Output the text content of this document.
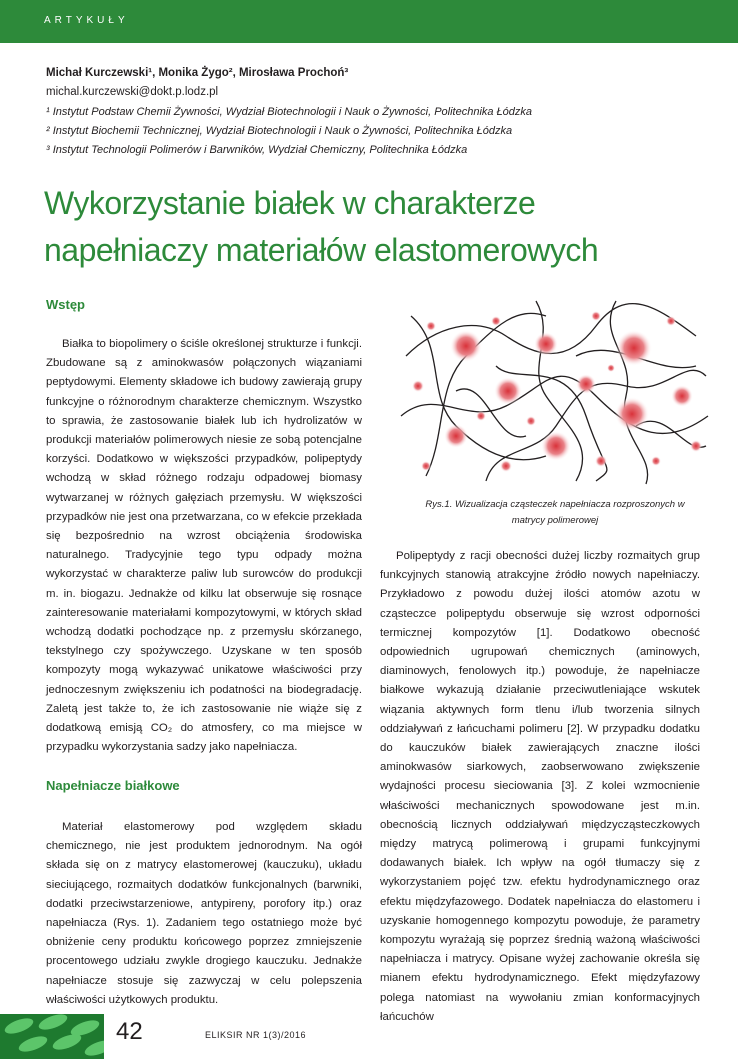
ARTYKUŁY
Michał Kurczewski¹, Monika Żygo², Mirosława Prochoń³
michal.kurczewski@dokt.p.lodz.pl
¹ Instytut Podstaw Chemii Żywności, Wydział Biotechnologii i Nauk o Żywności, Politechnika Łódzka
² Instytut Biochemii Technicznej, Wydział Biotechnologii i Nauk o Żywności, Politechnika Łódzka
³ Instytut Technologii Polimerów i Barwników, Wydział Chemiczny, Politechnika Łódzka
Wykorzystanie białek w charakterze
napełniaczy materiałów elastomerowych
Wstęp

Białka to biopolimery o ściśle określonej strukturze i funkcji. Zbudowane są z aminokwasów połączonych wiązaniami peptydowymi. Elementy składowe ich budowy zawierają grupy funkcyjne o różnorodnym charakterze chemicznym. Wszystko to sprawia, że zastosowanie białek lub ich hydrolizatów w produkcji materiałów polimerowych niesie ze sobą potencjalne korzyści. Dodatkowo w większości przypadków, polipeptydy wchodzą w skład różnego rodzaju odpadowej biomasy wytwarzanej w różnych gałęziach przemysłu. W większości przypadków nie jest ona przetwarzana, co w efekcie przekłada się bezpośrednio na wzrost obciążenia środowiska naturalnego. Tradycyjnie tego typu odpady można wykorzystać w charakterze paliw lub surowców do produkcji m. in. biogazu. Jednakże od kilku lat obserwuje się rosnące zainteresowanie materiałami kompozytowymi, w których skład wchodzą dodatki pochodzące np. z przemysłu skórzanego, tekstylnego czy spożywczego. Uzyskane w ten sposób kompozyty mogą wykazywać unikatowe właściwości przy jednoczesnym zwiększeniu ich podatności na biodegradację. Zaletą jest także to, że ich zastosowanie nie wiąże się z dodatkową emisją CO₂ do atmosfery, co ma miejsce w przypadku wykorzystania sadzy jako napełniacza.

Napełniacze białkowe

Materiał elastomerowy pod względem składu chemicznego, nie jest produktem jednorodnym. Na ogół składa się on z matrycy elastomerowej (kauczuku), układu sieciującego, rozmaitych dodatków funkcjonalnych (barwniki, dodatki przeciwstarzeniowe, antypireny, porofory itp.) oraz napełniacza (Rys. 1). Zadaniem tego ostatniego może być obniżenie ceny produktu końcowego poprzez zmniejszenie procentowego udziału zwykle drogiego kauczuku. Jednakże napełniacze stosuje się zazwyczaj w celu polepszenia właściwości użytkowych produktu.

Rys.1. Wizualizacja cząsteczek napełniacza rozproszonych w matrycy polimerowej

Polipeptydy z racji obecności dużej liczby rozmaitych grup funkcyjnych stanowią atrakcyjne źródło nowych napełniaczy. Przykładowo z powodu dużej ilości atomów azotu w cząsteczce polipeptydu obserwuje się wzrost odporności termicznej kompozytów [1]. Dodatkowo obecność odpowiednich ugrupowań chemicznych (aminowych, diaminowych, fenolowych itp.) powoduje, że napełniacze białkowe wykazują działanie przeciwutleniające wskutek wiązania aktywnych form tlenu i/lub tworzenia silnych oddziaływań z łańcuchami polimeru [2]. W przypadku dodatku do kauczuków białek zawierających znaczne ilości aminokwasów siarkowych, zaobserwowano zwiększenie wydajności procesu sieciowania [3]. Z kolei wzmocnienie właściwości mechanicznych spowodowane jest m.in. obecnością licznych oddziaływań międzycząsteczkowych między matrycą polimerową i grupami funkcyjnymi dodawanych białek. Ich wpływ na ogół tłumaczy się z wykorzystaniem pojęć tzw. efektu hydrodynamicznego oraz efektu międzyfazowego. Dodatek napełniacza do elastomeru i uzyskanie homogennego kompozytu powoduje, że parametry kompozytu wyrażają się poprzez średnią ważoną właściwości napełniacza i matrycy. Opisane wyżej zachowanie określa się mianem efektu hydrodynamicznego. Efekt międzyfazowy polega natomiast na wywołaniu zmian konformacyjnych łańcuchów

42	ELIKSIR NR 1(3)/2016
